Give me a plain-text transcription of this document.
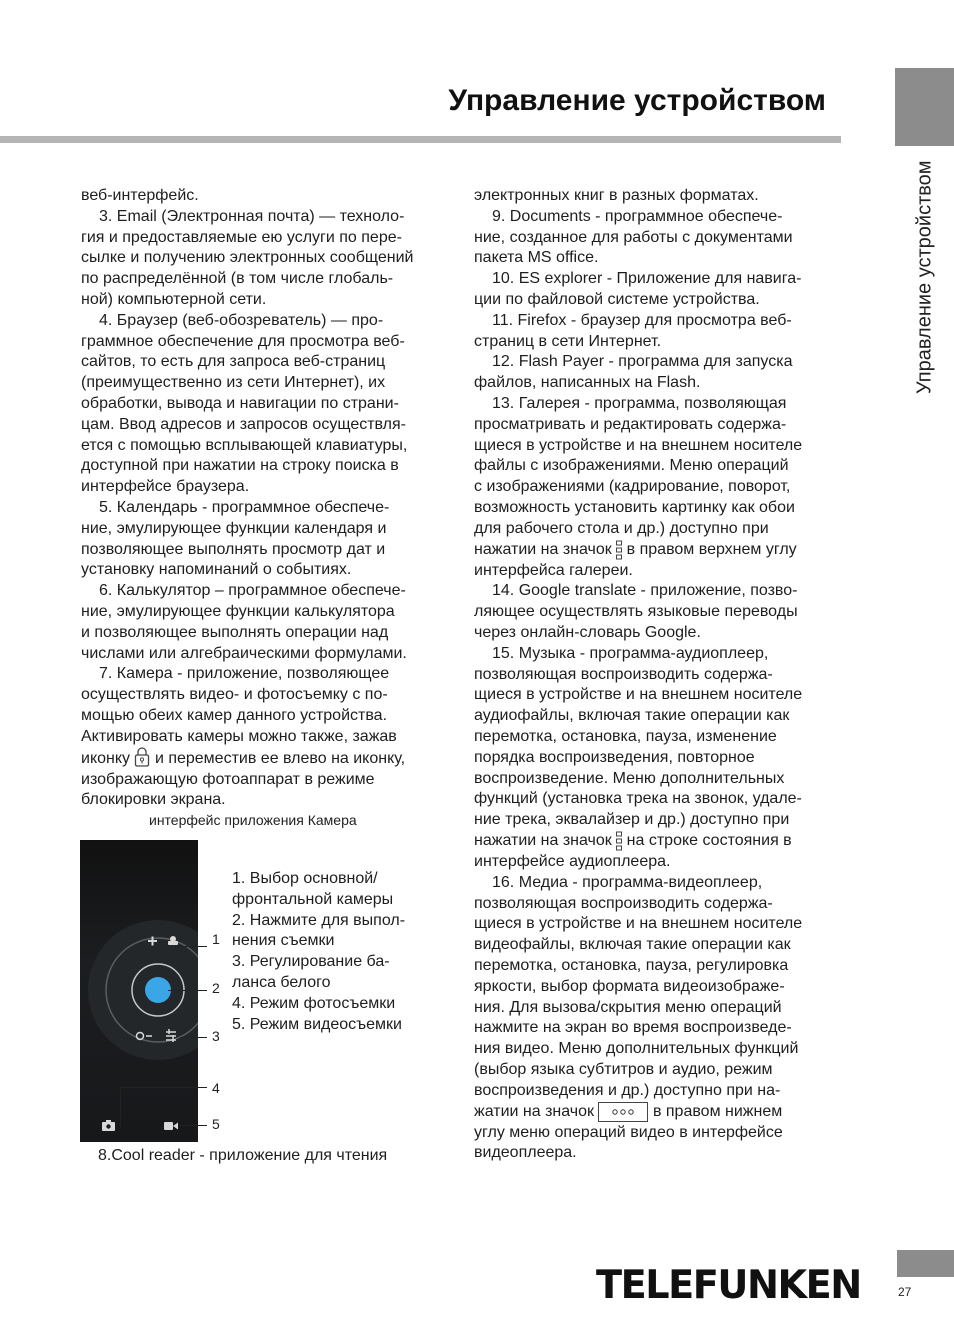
Управление устройством
Управление устройством

веб-интерфейс.

3. Email (Электронная почта) — техноло-

гия и предоставляемые ею услуги по пере-

сылке и получению электронных сообщений

по распределённой (в том числе глобаль-

ной) компьютерной сети.

4. Браузер (веб-обозреватель) — про-

граммное обеспечение для просмотра веб-

сайтов, то есть для запроса веб-страниц

(преимущественно из сети Интернет), их

обработки, вывода и навигации по страни-

цам. Ввод адресов и запросов осуществля-

ется с помощью всплывающей клавиатуры,

доступной при нажатии на строку поиска в

интерфейсе браузера.

5. Календарь - программное обеспече-

ние, эмулирующее функции календаря и

позволяющее выполнять просмотр дат и

установку напоминаний о событиях.

6. Калькулятор – программное обеспече-

ние, эмулирующее функции калькулятора

и позволяющее выполнять операции над

числами или алгебраическими формулами.

7. Камера - приложение, позволяющее

осуществлять видео- и фотосъемку с по-

мощью обеих камер данного устройства.

Активировать камеры можно также, зажав

иконку и переместив ее влево на иконку,

изображающую фотоаппарат в режиме

блокировки экрана.

интерфейс приложения Камера
1
2
3
4
5

1. Выбор основной/

фронтальной камеры

2. Нажмите для выпол-

нения съемки

3. Регулирование ба-

ланса белого

4. Режим фотосъемки

5. Режим видеосъемки

8.Cool reader - приложение для чтения

электронных книг в разных форматах.

9. Documents - программное обеспече-

ние, созданное для работы с документами

пакета MS office.

10. ES explorer - Приложение для навига-

ции по файловой системе устройства.

11. Firefox - браузер для просмотра веб-

страниц в сети Интернет.

12. Flash Payer - программа для запуска

файлов, написанных на Flash.

13. Галерея - программа, позволяющая

просматривать и редактировать содержа-

щиеся в устройстве и на внешнем носителе

файлы с изображениями. Меню операций

с изображениями (кадрирование, поворот,

возможность установить картинку как обои

для рабочего стола и др.) доступно при

нажатии на значок в правом верхнем углу

интерфейса галереи.

14. Google translate - приложение, позво-

ляющее осуществлять языковые переводы

через онлайн-словарь Google.

15. Музыка - программа-аудиоплеер,

позволяющая воспроизводить содержа-

щиеся в устройстве и на внешнем носителе

аудиофайлы, включая такие операции как

перемотка, остановка, пауза, изменение

порядка воспроизведения, повторное

воспроизведение. Меню дополнительных

функций (установка трека на звонок, удале-

ние трека, эквалайзер и др.) доступно при

нажатии на значок на строке состояния в

интерфейсе аудиоплеера.

16. Медиа - программа-видеоплеер,

позволяющая воспроизводить содержа-

щиеся в устройстве и на внешнем носителе

видеофайлы, включая такие операции как

перемотка, остановка, пауза, регулировка

яркости, выбор формата видеоизображе-

ния. Для вызова/скрытия меню операций

нажмите на экран во время воспроизведе-

ния видео. Меню дополнительных функций

(выбор языка субтитров и аудио, режим

воспроизведения и др.) доступно при на-

жатии на значок	в правом нижнем

углу меню операций видео в интерфейсе

видеоплеера.

TELEFUNKEN	27
